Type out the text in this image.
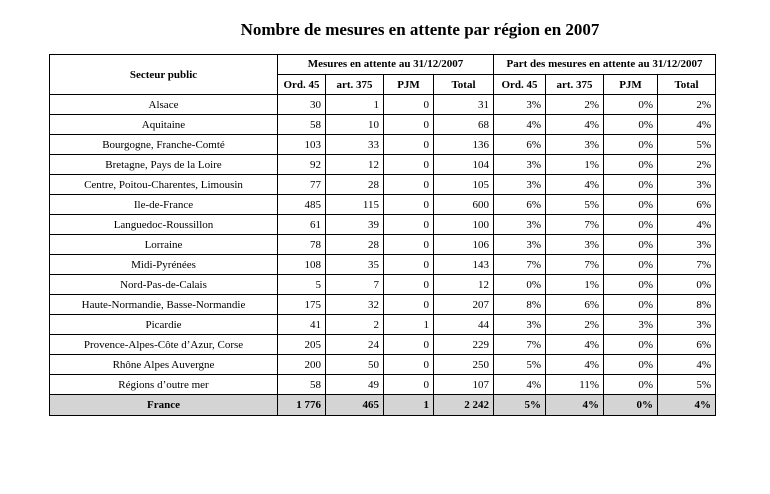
Nombre de mesures en attente par région en 2007
Secteur public	Mesures en attente au 31/12/2007				Part des mesures en attente au 31/12/2007			
	Ord. 45	art. 375	PJM	Total	Ord. 45	art. 375	PJM	Total
Alsace	30	1	0	31	3%	2%	0%	2%
Aquitaine	58	10	0	68	4%	4%	0%	4%
Bourgogne, Franche-Comté	103	33	0	136	6%	3%	0%	5%
Bretagne, Pays de la Loire	92	12	0	104	3%	1%	0%	2%
Centre, Poitou-Charentes, Limousin	77	28	0	105	3%	4%	0%	3%
Ile-de-France	485	115	0	600	6%	5%	0%	6%
Languedoc-Roussillon	61	39	0	100	3%	7%	0%	4%
Lorraine	78	28	0	106	3%	3%	0%	3%
Midi-Pyrénées	108	35	0	143	7%	7%	0%	7%
Nord-Pas-de-Calais	5	7	0	12	0%	1%	0%	0%
Haute-Normandie, Basse-Normandie	175	32	0	207	8%	6%	0%	8%
Picardie	41	2	1	44	3%	2%	3%	3%
Provence-Alpes-Côte d’Azur, Corse	205	24	0	229	7%	4%	0%	6%
Rhône Alpes Auvergne	200	50	0	250	5%	4%	0%	4%
Régions d’outre mer	58	49	0	107	4%	11%	0%	5%
France	1 776	465	1	2 242	5%	4%	0%	4%
